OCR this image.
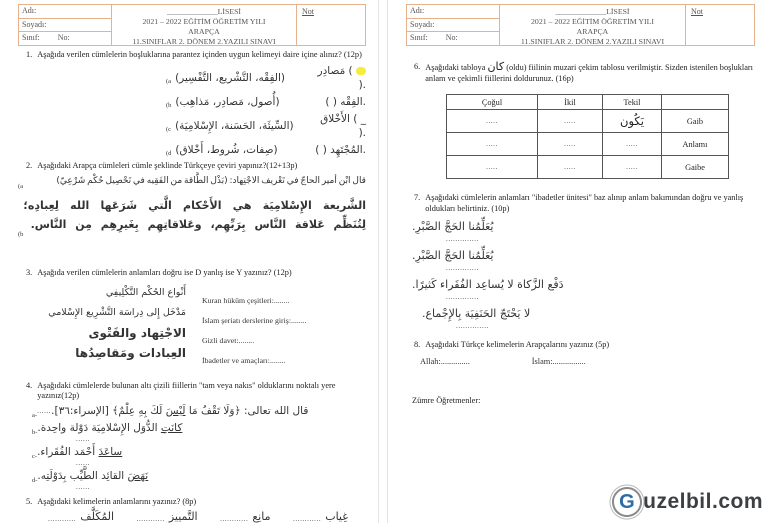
Adı:
Soyadı:
Sınıf: No:
_____________LİSESİ
2021 – 2022 EĞİTİM ÖĞRETİM YILI
ARAPÇA
11.SINIFLAR 2. DÖNEM 2.YAZILI SINAVI
Not
1. Aşağıda verilen cümlelerin boşluklarına parantez içinden uygun kelimeyi daire içine alınız? (12p)
(a (الفِقْه، التَّشْريع، التَّفْسِير)
مَصادِر (  ).
(b (أُصول، مَصادِر، مَذاهِب)	( ) الفِقْه.
(c (السِّيئَة، الحَسَنة، الإِسْلامِيَة)
الأَخْلاق ( _ ).
(d (صِفات، شُروط، أَخْلاق)	( ) المُجْتَهِد.
2. Aşağıdaki Arapça cümleleri cümle şeklinde Türkçeye çeviri yapınız?(12+13p)
(a
قال ابْن أمير الحاجّ في تَعْريف الاجْتِهاد: (بَذْل الطَّاقة من الفَقِيه في تَحْصِيل حُكْم شَرْعِيّ)
(b
الشَّريعة الإِسْلامِيَة هي الأَحْكام الَّتي شَرَعَها الله لِعِبادِه؛ لِتُنَظِّم عَلاقة النَّاس بِرَبِّهِم، وعَلاقاتِهِم بِغَيرِهِم مِن النَّاس.
3. Aşağıda verilen cümlelerin anlamları doğru ise D yanlış ise Y yazınız? (12p)
أَنْواع الحُكْم التَّكْلِيفِي
مَدْخَل إِلى دِراسَة التَّشْرِيع الإِسْلامي
الاجْتِهاد والفَتْوى
العِبادات ومَقاصِدُها
Kuran hüküm çeşitleri:........
İslam şeriatı derslerine giriş:........
Gizli davet:........
İbadetler ve amaçları:........
4. Aşağıdaki cümlelerde bulunan altı çizili fiillerin "tam veya nakıs" olduklarını noktalı yere yazınız(12p)
a-
......	قال الله تعالى: ﴿وَلَا تَقْفُ مَا لَيْسَ لَكَ بِهِ عِلْمٌ﴾ [الإسراء:٣٦].
b-	كانَتِ الدُّوَل الإِسْلامِيَة دَوْلة واحِدة.
......
c-	ساعَدَ أَحْمَد الفُقَراء.
......
d-	نَهَضَ القائِد الطَّيِّب بِدَوْلَتِه.
......
5. Aşağıdaki kelimelerin anlamlarını yazınız? (8p)
غِياب
............
مانِع
............
التَّمييز
............
المُكَلَّف
............
Adı:
Soyadı:
Sınıf: No:
_____________LİSESİ
2021 – 2022 EĞİTİM ÖĞRETİM YILI
ARAPÇA
11.SINIFLAR 2. DÖNEM 2.YAZILI SINAVI
Not
6. Aşağıdaki tabloya كان (oldu) fiilinin muzari çekim tablosu verilmiştir. Sizden istenilen boşlukları anlam ve çekimli fiillerini doldurunuz. (16p)
Çoğul	İkil	Tekil	
.....	.....	يَكُون	Gaib
.....	.....	.....	Anlamı
.....	.....	.....	Gaibe
7. Aşağıdaki cümlelerin anlamları "ibadetler ünitesi" baz alınıp anlam bakımından doğru ve yanlış oldukları belirtiniz. (10p)
يُعَلِّمُنا الحَجَّ الصَّبْرِ.
..............
يُعَلِّمُنا الحَجَّ الصَّبْرِ.
..............
دَفْع الزَّكاة لا يُساعِد الفُقَراء كَثيرًا.
..............
لا يَحْتَجّ الحَنَفِيَة بِالإِجْماع.
..............
8. Aşağıdaki Türkçe kelimelerin Arapçalarını yazınız (5p)
Allah:..............	İslam:................
Zümre Öğretmenler:
G uzelbil . com
